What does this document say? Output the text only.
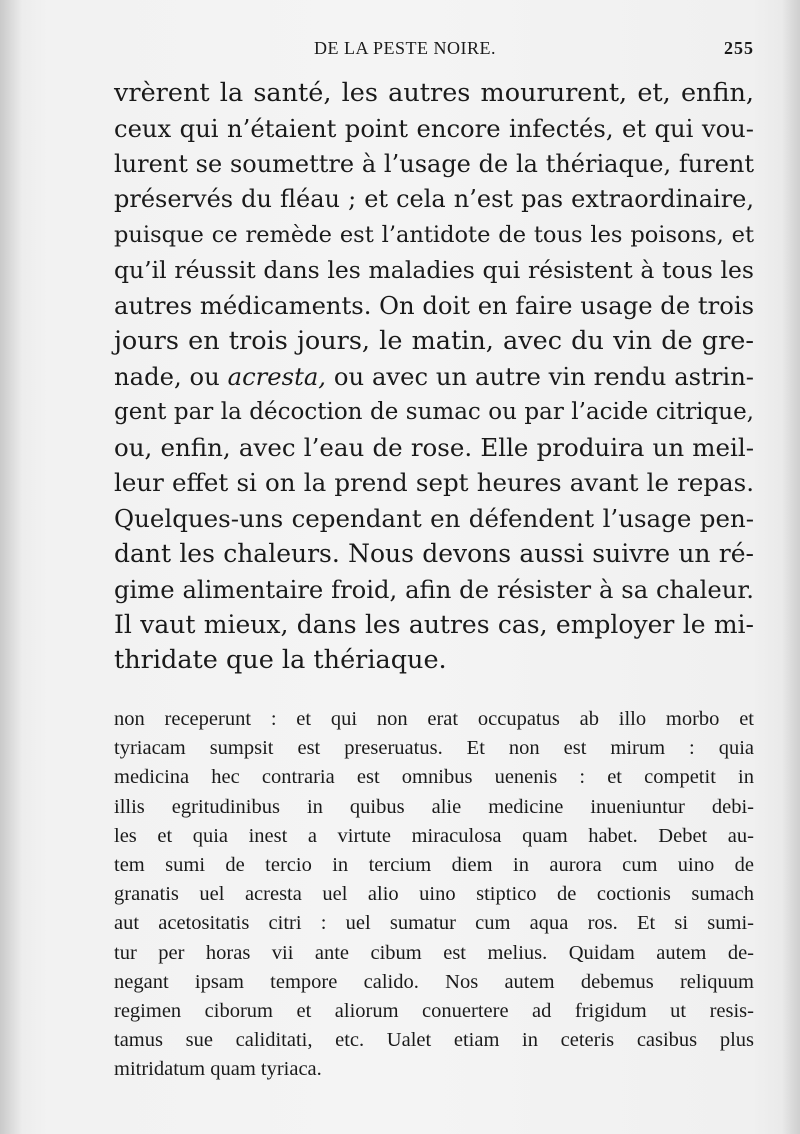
DE LA PESTE NOIRE.	255
vrèrent la santé, les autres moururent, et, enfin,
ceux qui n’étaient point encore infectés, et qui vou-
lurent se soumettre à l’usage de la thériaque, furent
préservés du fléau ; et cela n’est pas extraordinaire,
puisque ce remède est l’antidote de tous les poisons, et
qu’il réussit dans les maladies qui résistent à tous les
autres médicaments. On doit en faire usage de trois
jours en trois jours, le matin, avec du vin de gre-
nade, ou acresta, ou avec un autre vin rendu astrin-
gent par la décoction de sumac ou par l’acide citrique,
ou, enfin, avec l’eau de rose. Elle produira un meil-
leur effet si on la prend sept heures avant le repas.
Quelques-uns cependant en défendent l’usage pen-
dant les chaleurs. Nous devons aussi suivre un ré-
gime alimentaire froid, afin de résister à sa chaleur.
Il vaut mieux, dans les autres cas, employer le mi-
thridate que la thériaque.
non receperunt : et qui non erat occupatus ab illo morbo et
tyriacam sumpsit est preseruatus. Et non est mirum : quia
medicina hec contraria est omnibus uenenis : et competit in
illis egritudinibus in quibus alie medicine inueniuntur debi-
les et quia inest a virtute miraculosa quam habet. Debet au-
tem sumi de tercio in tercium diem in aurora cum uino de
granatis uel acresta uel alio uino stiptico de coctionis sumach
aut acetositatis citri : uel sumatur cum aqua ros. Et si sumi-
tur per horas vii ante cibum est melius. Quidam autem de-
negant ipsam tempore calido. Nos autem debemus reliquum
regimen ciborum et aliorum conuertere ad frigidum ut resis-
tamus sue caliditati, etc. Ualet etiam in ceteris casibus plus
mitridatum quam tyriaca.
